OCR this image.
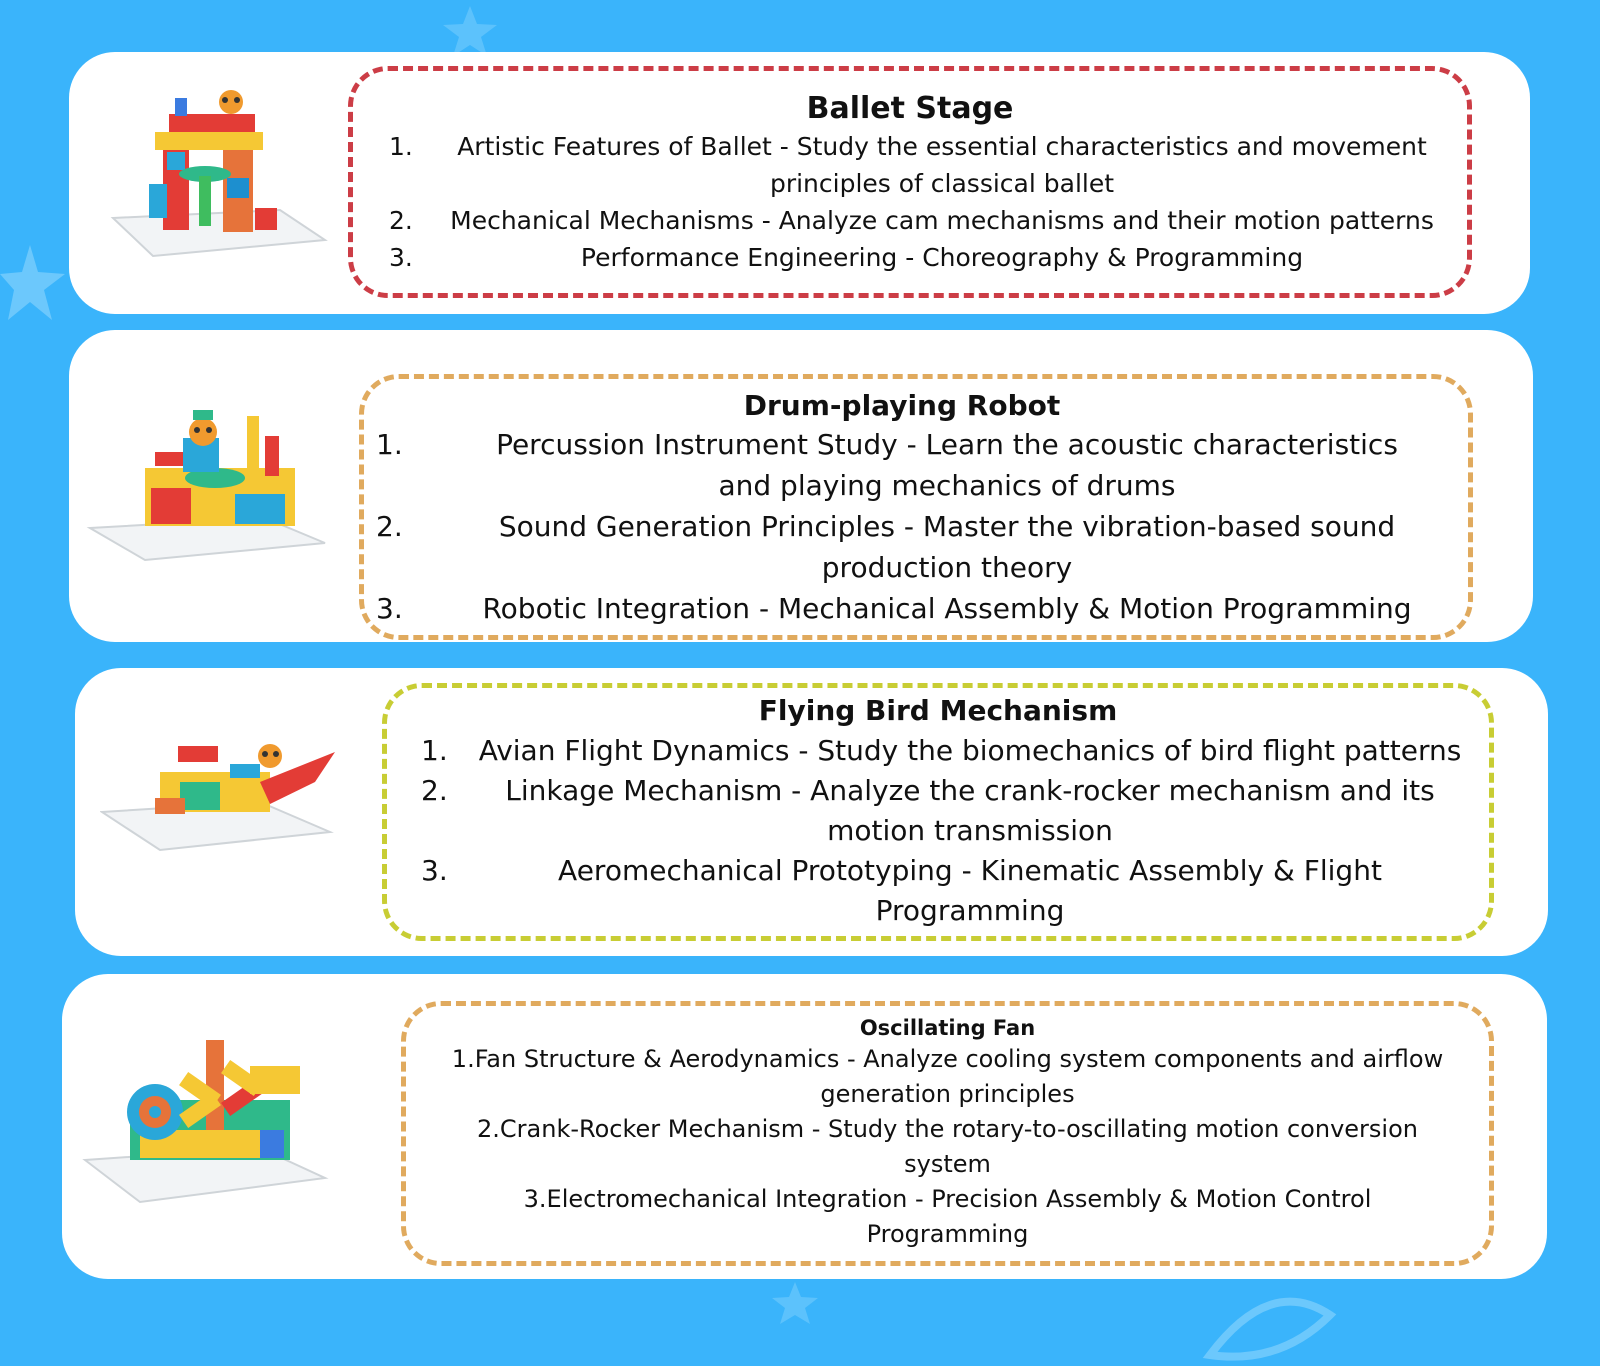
Ballet Stage
1.	Artistic Features of Ballet - Study the essential characteristics and movement principles of classical ballet
2.	Mechanical Mechanisms - Analyze cam mechanisms and their motion patterns
3.	Performance Engineering - Choreography & Programming
Drum-playing Robot
1.	Percussion Instrument Study - Learn the acoustic characteristics and playing mechanics of drums
2.	Sound Generation Principles - Master the vibration-based sound production theory
3.	Robotic Integration - Mechanical Assembly & Motion Programming
Flying Bird Mechanism
1.	Avian Flight Dynamics - Study the biomechanics of bird flight patterns
2.	Linkage Mechanism - Analyze the crank-rocker mechanism and its motion transmission
3.	Aeromechanical Prototyping - Kinematic Assembly & Flight Programming
Oscillating Fan

1.Fan Structure & Aerodynamics - Analyze cooling system components and airflow generation principles

2.Crank-Rocker Mechanism - Study the rotary-to-oscillating motion conversion system

3.Electromechanical Integration - Precision Assembly & Motion Control Programming
